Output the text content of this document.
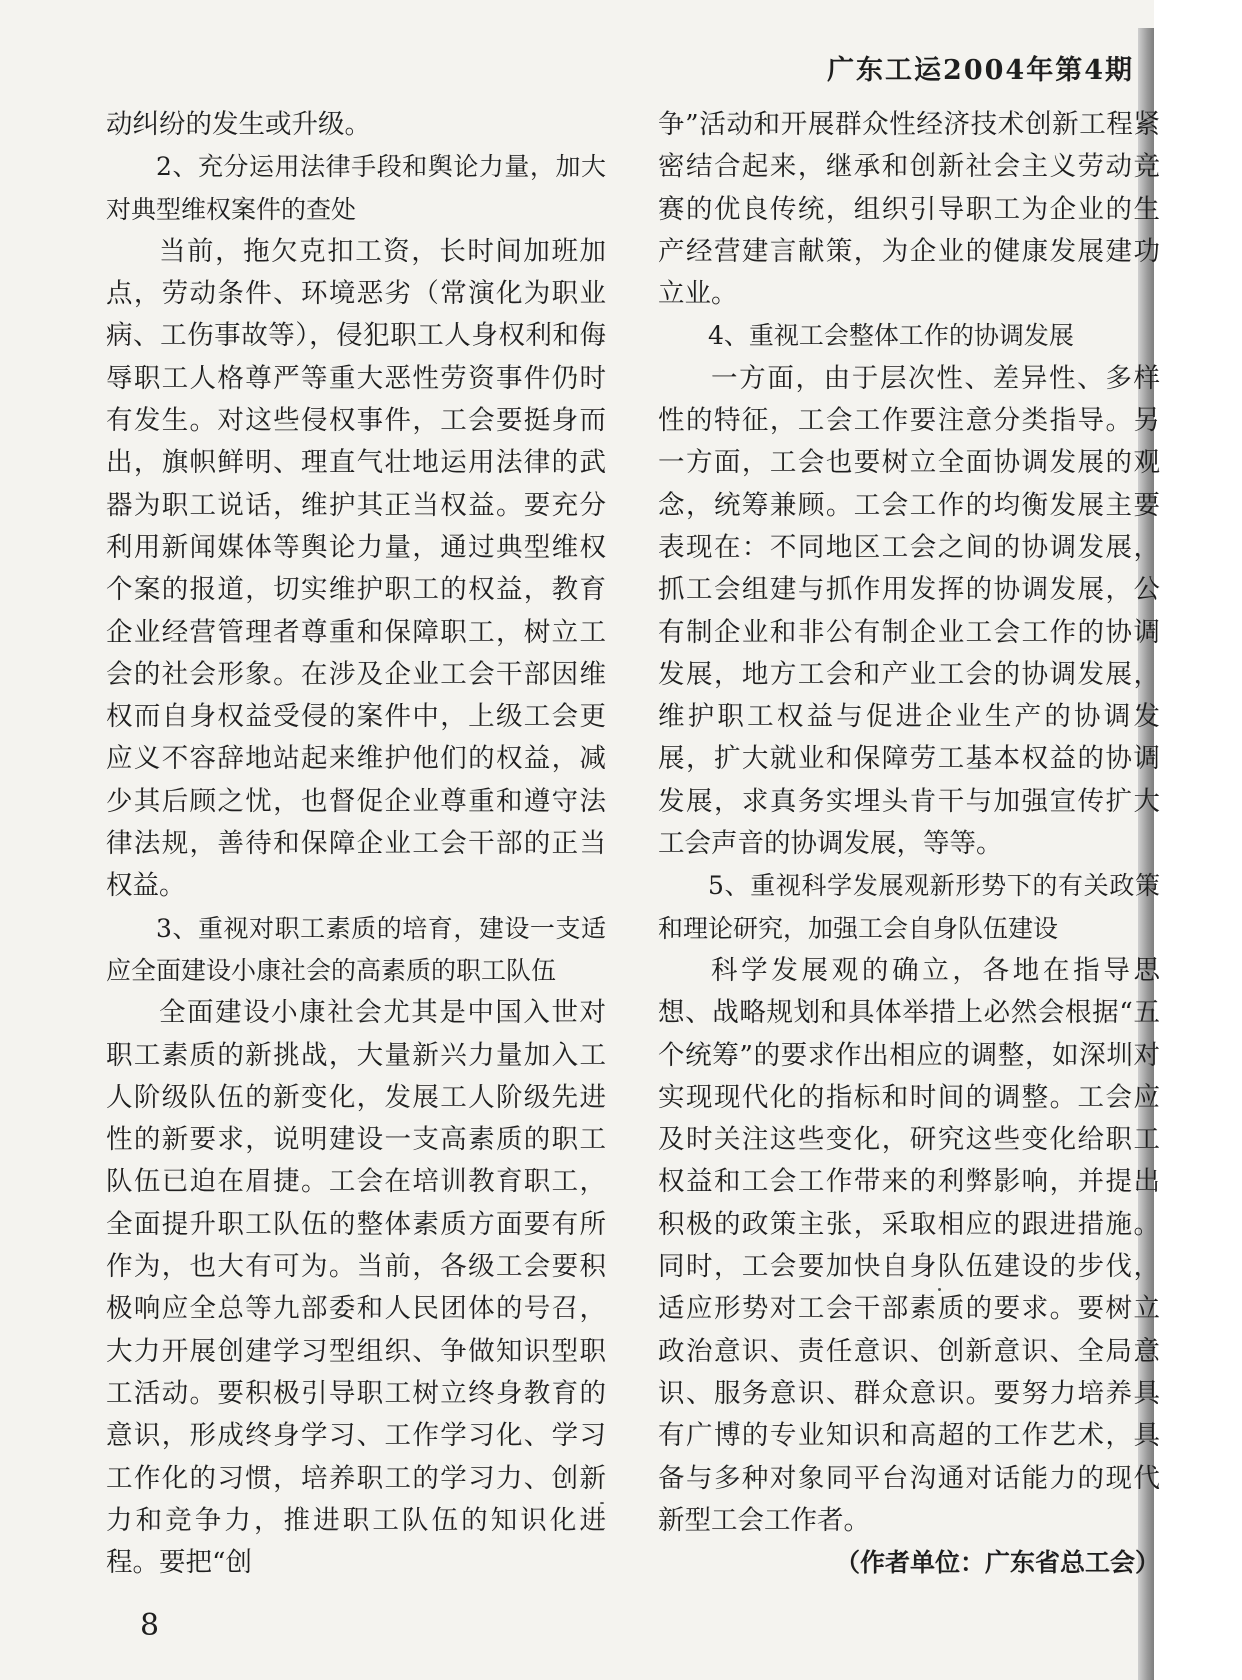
广东工运2004年第4期

动纠纷的发生或升级。

2、充分运用法律手段和舆论力量，加大对典型维权案件的查处

当前，拖欠克扣工资，长时间加班加点，劳动条件、环境恶劣（常演化为职业病、工伤事故等），侵犯职工人身权利和侮辱职工人格尊严等重大恶性劳资事件仍时有发生。对这些侵权事件，工会要挺身而出，旗帜鲜明、理直气壮地运用法律的武器为职工说话，维护其正当权益。要充分利用新闻媒体等舆论力量，通过典型维权个案的报道，切实维护职工的权益，教育企业经营管理者尊重和保障职工，树立工会的社会形象。在涉及企业工会干部因维权而自身权益受侵的案件中，上级工会更应义不容辞地站起来维护他们的权益，减少其后顾之忧，也督促企业尊重和遵守法律法规，善待和保障企业工会干部的正当权益。

3、重视对职工素质的培育，建设一支适应全面建设小康社会的高素质的职工队伍

全面建设小康社会尤其是中国入世对职工素质的新挑战，大量新兴力量加入工人阶级队伍的新变化，发展工人阶级先进性的新要求，说明建设一支高素质的职工队伍已迫在眉捷。工会在培训教育职工，全面提升职工队伍的整体素质方面要有所作为，也大有可为。当前，各级工会要积极响应全总等九部委和人民团体的号召，大力开展创建学习型组织、争做知识型职工活动。要积极引导职工树立终身教育的意识，形成终身学习、工作学习化、学习工作化的习惯，培养职工的学习力、创新力和竞争力，推进职工队伍的知识化进程。要把“创

争”活动和开展群众性经济技术创新工程紧密结合起来，继承和创新社会主义劳动竞赛的优良传统，组织引导职工为企业的生产经营建言献策，为企业的健康发展建功立业。

4、重视工会整体工作的协调发展

一方面，由于层次性、差异性、多样性的特征，工会工作要注意分类指导。另一方面，工会也要树立全面协调发展的观念，统筹兼顾。工会工作的均衡发展主要表现在：不同地区工会之间的协调发展，抓工会组建与抓作用发挥的协调发展，公有制企业和非公有制企业工会工作的协调发展，地方工会和产业工会的协调发展，维护职工权益与促进企业生产的协调发展，扩大就业和保障劳工基本权益的协调发展，求真务实埋头肯干与加强宣传扩大工会声音的协调发展，等等。

5、重视科学发展观新形势下的有关政策和理论研究，加强工会自身队伍建设

科学发展观的确立，各地在指导思想、战略规划和具体举措上必然会根据“五个统筹”的要求作出相应的调整，如深圳对实现现代化的指标和时间的调整。工会应及时关注这些变化，研究这些变化给职工权益和工会工作带来的利弊影响，并提出积极的政策主张，采取相应的跟进措施。同时，工会要加快自身队伍建设的步伐，适应形势对工会干部素质的要求。要树立政治意识、责任意识、创新意识、全局意识、服务意识、群众意识。要努力培养具有广博的专业知识和高超的工作艺术，具备与多种对象同平台沟通对话能力的现代新型工会工作者。

（作者单位：广东省总工会）

8
